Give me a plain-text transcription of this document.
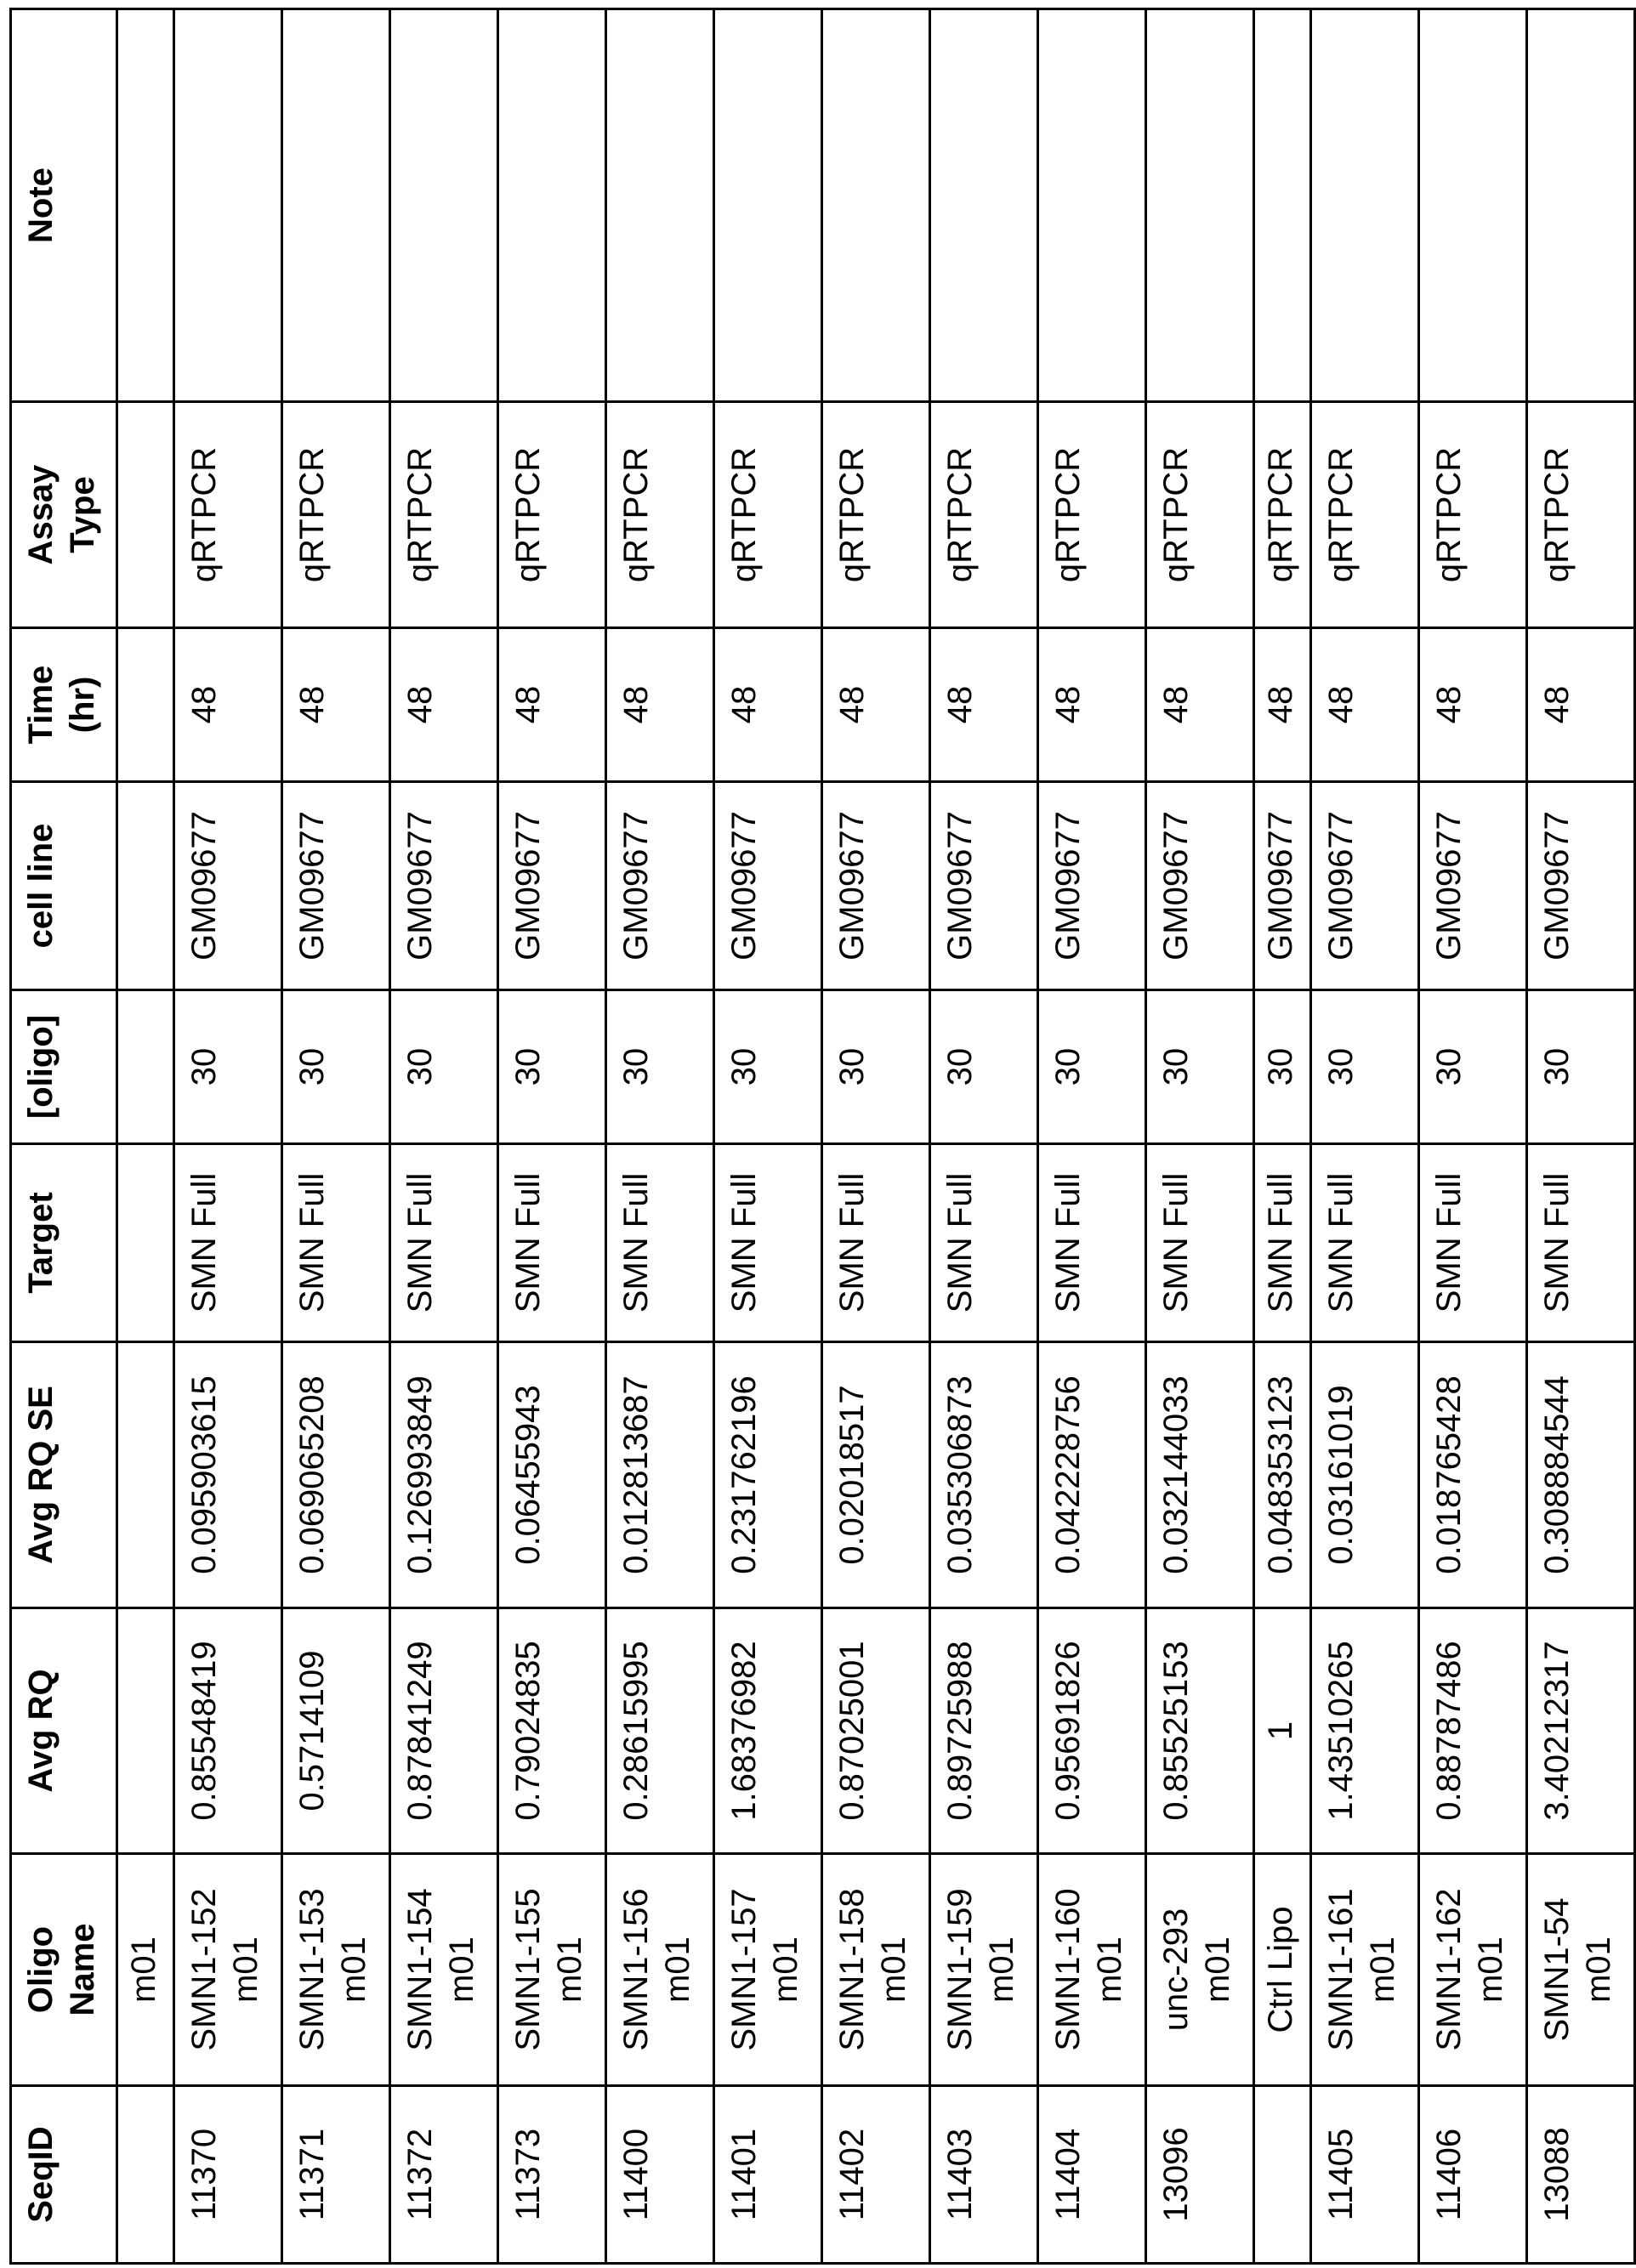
SeqID	Oligo
Name	Avg RQ	Avg RQ SE	Target	[oligo]	cell line	Time
(hr)	Assay
Type	Note
	m01								
11370	SMN1-152
m01	0.85548419	0.095903615	SMN Full	30	GM09677	48	qRTPCR	
11371	SMN1-153
m01	0.5714109	0.069065208	SMN Full	30	GM09677	48	qRTPCR	
11372	SMN1-154
m01	0.87841249	0.126993849	SMN Full	30	GM09677	48	qRTPCR	
11373	SMN1-155
m01	0.79024835	0.06455943	SMN Full	30	GM09677	48	qRTPCR	
11400	SMN1-156
m01	0.28615995	0.012813687	SMN Full	30	GM09677	48	qRTPCR	
11401	SMN1-157
m01	1.68376982	0.231762196	SMN Full	30	GM09677	48	qRTPCR	
11402	SMN1-158
m01	0.87025001	0.02018517	SMN Full	30	GM09677	48	qRTPCR	
11403	SMN1-159
m01	0.89725988	0.035306873	SMN Full	30	GM09677	48	qRTPCR	
11404	SMN1-160
m01	0.95691826	0.042228756	SMN Full	30	GM09677	48	qRTPCR	
13096	unc-293
m01	0.85525153	0.032144033	SMN Full	30	GM09677	48	qRTPCR	
	Ctrl Lipo	1	0.048353123	SMN Full	30	GM09677	48	qRTPCR	
11405	SMN1-161
m01	1.43510265	0.03161019	SMN Full	30	GM09677	48	qRTPCR	
11406	SMN1-162
m01	0.88787486	0.018765428	SMN Full	30	GM09677	48	qRTPCR	
13088	SMN1-54
m01	3.40212317	0.308884544	SMN Full	30	GM09677	48	qRTPCR	
